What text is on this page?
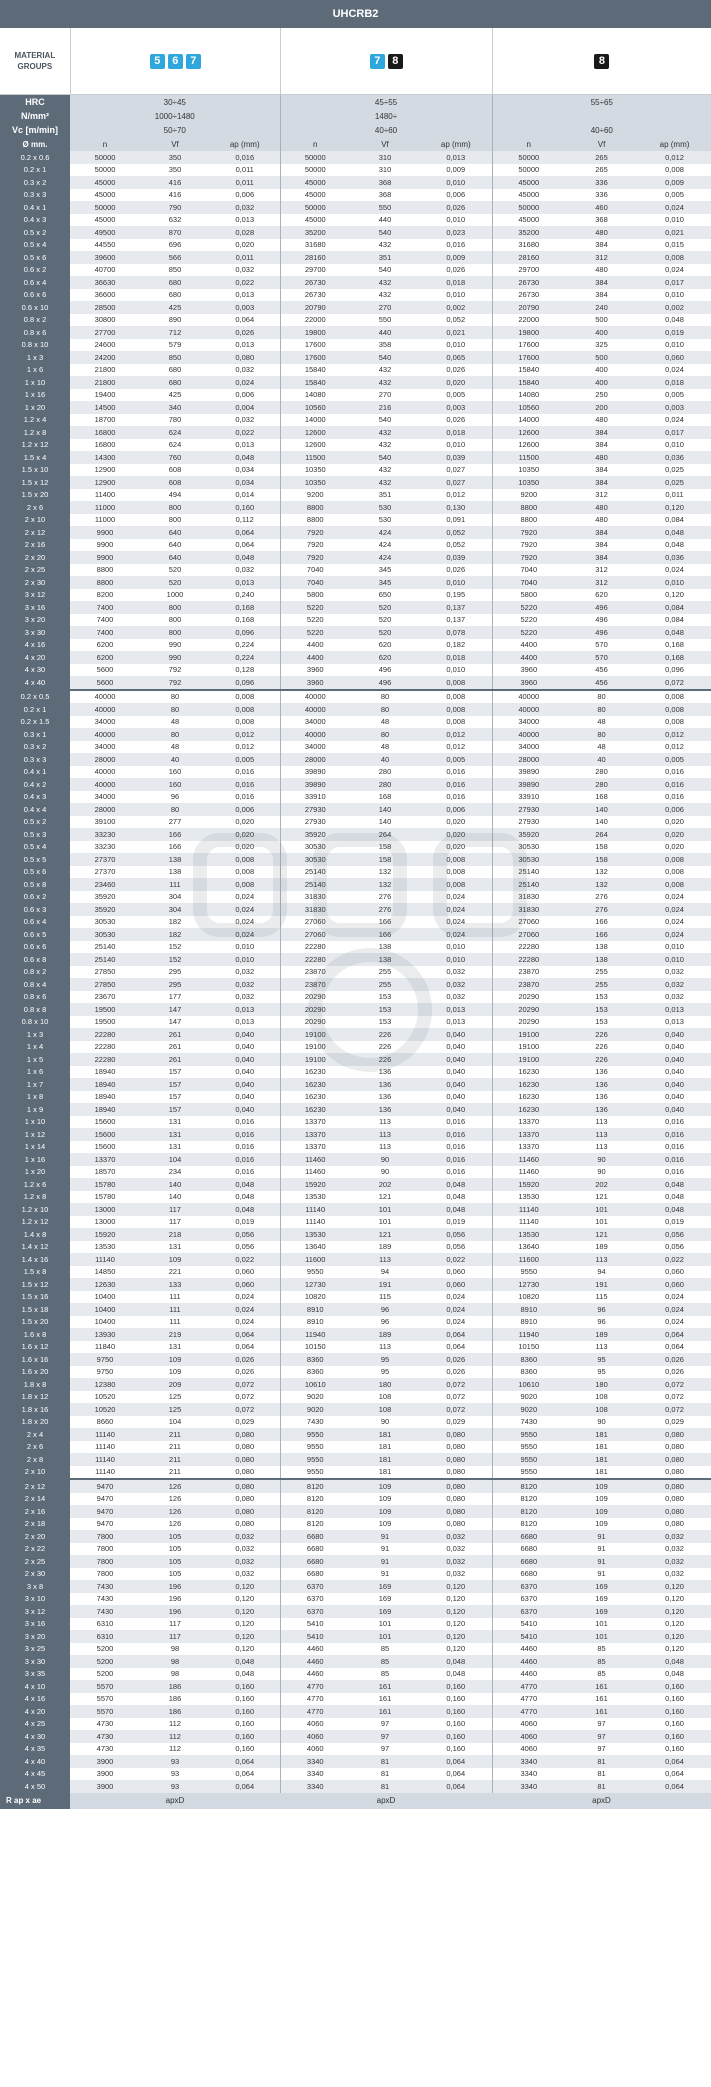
UHCRB2
MATERIAL GROUPS	5	6	7	7	8	8
HRC	30÷45			45÷55			55÷65		
N/mm²	1000÷1480			1480÷					
Vc [m/min]	50÷70			40÷60			40÷60		
Ø mm.	n	Vf	ap (mm)	n	Vf	ap (mm)	n	Vf	ap (mm)
0.2 x 0.6	50000	350	0,016	50000	310	0,013	50000	265	0,012
0.2 x 1	50000	350	0,011	50000	310	0,009	50000	265	0,008
0.3 x 2	45000	416	0,011	45000	368	0,010	45000	336	0,009
0.3 x 3	45000	416	0,006	45000	368	0,006	45000	336	0,005
0.4 x 1	50000	790	0,032	50000	550	0,026	50000	460	0,024
0.4 x 3	45000	632	0,013	45000	440	0,010	45000	368	0,010
0.5 x 2	49500	870	0,028	35200	540	0,023	35200	480	0,021
0.5 x 4	44550	696	0,020	31680	432	0,016	31680	384	0,015
0.5 x 6	39600	566	0,011	28160	351	0,009	28160	312	0,008
0.6 x 2	40700	850	0,032	29700	540	0,026	29700	480	0,024
0.6 x 4	36630	680	0,022	26730	432	0,018	26730	384	0,017
0.6 x 6	36600	680	0,013	26730	432	0,010	26730	384	0,010
0.6 x 10	28500	425	0,003	20790	270	0,002	20790	240	0,002
0.8 x 2	30800	890	0,064	22000	550	0,052	22000	500	0,048
0.8 x 6	27700	712	0,026	19800	440	0,021	19800	400	0,019
0.8 x 10	24600	579	0,013	17600	358	0,010	17600	325	0,010
1 x 3	24200	850	0,080	17600	540	0,065	17600	500	0,060
1 x 6	21800	680	0,032	15840	432	0,026	15840	400	0,024
1 x 10	21800	680	0,024	15840	432	0,020	15840	400	0,018
1 x 16	19400	425	0,006	14080	270	0,005	14080	250	0,005
1 x 20	14500	340	0,004	10560	216	0,003	10560	200	0,003
1.2 x 4	18700	780	0,032	14000	540	0,026	14000	480	0,024
1.2 x 8	16800	624	0,022	12600	432	0,018	12600	384	0,017
1.2 x 12	16800	624	0,013	12600	432	0,010	12600	384	0,010
1.5 x 4	14300	760	0,048	11500	540	0,039	11500	480	0,036
1.5 x 10	12900	608	0,034	10350	432	0,027	10350	384	0,025
1.5 x 12	12900	608	0,034	10350	432	0,027	10350	384	0,025
1.5 x 20	11400	494	0,014	9200	351	0,012	9200	312	0,011
2 x 6	11000	800	0,160	8800	530	0,130	8800	480	0,120
2 x 10	11000	800	0,112	8800	530	0,091	8800	480	0,084
2 x 12	9900	640	0,064	7920	424	0,052	7920	384	0,048
2 x 16	9900	640	0,064	7920	424	0,052	7920	384	0,048
2 x 20	9900	640	0,048	7920	424	0,039	7920	384	0,036
2 x 25	8800	520	0,032	7040	345	0,026	7040	312	0,024
2 x 30	8800	520	0,013	7040	345	0,010	7040	312	0,010
3 x 12	8200	1000	0,240	5800	650	0,195	5800	620	0,120
3 x 16	7400	800	0,168	5220	520	0,137	5220	496	0,084
3 x 20	7400	800	0,168	5220	520	0,137	5220	496	0,084
3 x 30	7400	800	0,096	5220	520	0,078	5220	496	0,048
4 x 16	6200	990	0,224	4400	620	0,182	4400	570	0,168
4 x 20	6200	990	0,224	4400	620	0,018	4400	570	0,168
4 x 30	5600	792	0,128	3960	496	0,010	3960	456	0,096
4 x 40	5600	792	0,096	3960	496	0,008	3960	456	0,072
0.2 x 0.5	40000	80	0,008	40000	80	0,008	40000	80	0,008
0.2 x 1	40000	80	0,008	40000	80	0,008	40000	80	0,008
0.2 x 1.5	34000	48	0,008	34000	48	0,008	34000	48	0,008
0.3 x 1	40000	80	0,012	40000	80	0,012	40000	80	0,012
0.3 x 2	34000	48	0,012	34000	48	0,012	34000	48	0,012
0.3 x 3	28000	40	0,005	28000	40	0,005	28000	40	0,005
0.4 x 1	40000	160	0,016	39890	280	0,016	39890	280	0,016
0.4 x 2	40000	160	0,016	39890	280	0,016	39890	280	0,016
0.4 x 3	34000	96	0,016	33910	168	0,016	33910	168	0,016
0.4 x 4	28000	80	0,006	27930	140	0,006	27930	140	0,006
0.5 x 2	39100	277	0,020	27930	140	0,020	27930	140	0,020
0.5 x 3	33230	166	0,020	35920	264	0,020	35920	264	0,020
0.5 x 4	33230	166	0,020	30530	158	0,020	30530	158	0,020
0.5 x 5	27370	138	0,008	30530	158	0,008	30530	158	0,008
0.5 x 6	27370	138	0,008	25140	132	0,008	25140	132	0,008
0.5 x 8	23460	111	0,008	25140	132	0,008	25140	132	0,008
0.6 x 2	35920	304	0,024	31830	276	0,024	31830	276	0,024
0.6 x 3	35920	304	0,024	31830	276	0,024	31830	276	0,024
0.6 x 4	30530	182	0,024	27060	166	0,024	27060	166	0,024
0.6 x 5	30530	182	0,024	27060	166	0,024	27060	166	0,024
0.6 x 6	25140	152	0,010	22280	138	0,010	22280	138	0,010
0.6 x 8	25140	152	0,010	22280	138	0,010	22280	138	0,010
0.8 x 2	27850	295	0,032	23870	255	0,032	23870	255	0,032
0.8 x 4	27850	295	0,032	23870	255	0,032	23870	255	0,032
0.8 x 6	23670	177	0,032	20290	153	0,032	20290	153	0,032
0.8 x 8	19500	147	0,013	20290	153	0,013	20290	153	0,013
0.8 x 10	19500	147	0,013	20290	153	0,013	20290	153	0,013
1 x 3	22280	261	0,040	19100	226	0,040	19100	226	0,040
1 x 4	22280	261	0,040	19100	226	0,040	19100	226	0,040
1 x 5	22280	261	0,040	19100	226	0,040	19100	226	0,040
1 x 6	18940	157	0,040	16230	136	0,040	16230	136	0,040
1 x 7	18940	157	0,040	16230	136	0,040	16230	136	0,040
1 x 8	18940	157	0,040	16230	136	0,040	16230	136	0,040
1 x 9	18940	157	0,040	16230	136	0,040	16230	136	0,040
1 x 10	15600	131	0,016	13370	113	0,016	13370	113	0,016
1 x 12	15600	131	0,016	13370	113	0,016	13370	113	0,016
1 x 14	15600	131	0,016	13370	113	0,016	13370	113	0,016
1 x 16	13370	104	0,016	11460	90	0,016	11460	90	0,016
1 x 20	18570	234	0,016	11460	90	0,016	11460	90	0,016
1.2 x 6	15780	140	0,048	15920	202	0,048	15920	202	0,048
1.2 x 8	15780	140	0,048	13530	121	0,048	13530	121	0,048
1.2 x 10	13000	117	0,048	11140	101	0,048	11140	101	0,048
1.2 x 12	13000	117	0,019	11140	101	0,019	11140	101	0,019
1.4 x 8	15920	218	0,056	13530	121	0,056	13530	121	0,056
1.4 x 12	13530	131	0,056	13640	189	0,056	13640	189	0,056
1.4 x 16	11140	109	0,022	11600	113	0,022	11600	113	0,022
1.5 x 8	14850	221	0,060	9550	94	0,060	9550	94	0,060
1.5 x 12	12630	133	0,060	12730	191	0,060	12730	191	0,060
1.5 x 16	10400	111	0,024	10820	115	0,024	10820	115	0,024
1.5 x 18	10400	111	0,024	8910	96	0,024	8910	96	0,024
1.5 x 20	10400	111	0,024	8910	96	0,024	8910	96	0,024
1.6 x 8	13930	219	0,064	11940	189	0,064	11940	189	0,064
1.6 x 12	11840	131	0,064	10150	113	0,064	10150	113	0,064
1.6 x 16	9750	109	0,026	8360	95	0,026	8360	95	0,026
1.6 x 20	9750	109	0,026	8360	95	0,026	8360	95	0,026
1.8 x 8	12380	209	0,072	10610	180	0,072	10610	180	0,072
1.8 x 12	10520	125	0,072	9020	108	0,072	9020	108	0,072
1.8 x 16	10520	125	0,072	9020	108	0,072	9020	108	0,072
1.8 x 20	8660	104	0,029	7430	90	0,029	7430	90	0,029
2 x 4	11140	211	0,080	9550	181	0,080	9550	181	0,080
2 x 6	11140	211	0,080	9550	181	0,080	9550	181	0,080
2 x 8	11140	211	0,080	9550	181	0,080	9550	181	0,080
2 x 10	11140	211	0,080	9550	181	0,080	9550	181	0,080
2 x 12	9470	126	0,080	8120	109	0,080	8120	109	0,080
2 x 14	9470	126	0,080	8120	109	0,080	8120	109	0,080
2 x 16	9470	126	0,080	8120	109	0,080	8120	109	0,080
2 x 18	9470	126	0,080	8120	109	0,080	8120	109	0,080
2 x 20	7800	105	0,032	6680	91	0,032	6680	91	0,032
2 x 22	7800	105	0,032	6680	91	0,032	6680	91	0,032
2 x 25	7800	105	0,032	6680	91	0,032	6680	91	0,032
2 x 30	7800	105	0,032	6680	91	0,032	6680	91	0,032
3 x 8	7430	196	0,120	6370	169	0,120	6370	169	0,120
3 x 10	7430	196	0,120	6370	169	0,120	6370	169	0,120
3 x 12	7430	196	0,120	6370	169	0,120	6370	169	0,120
3 x 16	6310	117	0,120	5410	101	0,120	5410	101	0,120
3 x 20	6310	117	0,120	5410	101	0,120	5410	101	0,120
3 x 25	5200	98	0,120	4460	85	0,120	4460	85	0,120
3 x 30	5200	98	0,048	4460	85	0,048	4460	85	0,048
3 x 35	5200	98	0,048	4460	85	0,048	4460	85	0,048
4 x 10	5570	186	0,160	4770	161	0,160	4770	161	0,160
4 x 16	5570	186	0,160	4770	161	0,160	4770	161	0,160
4 x 20	5570	186	0,160	4770	161	0,160	4770	161	0,160
4 x 25	4730	112	0,160	4060	97	0,160	4060	97	0,160
4 x 30	4730	112	0,160	4060	97	0,160	4060	97	0,160
4 x 35	4730	112	0,160	4060	97	0,160	4060	97	0,160
4 x 40	3900	93	0,064	3340	81	0,064	3340	81	0,064
4 x 45	3900	93	0,064	3340	81	0,064	3340	81	0,064
4 x 50	3900	93	0,064	3340	81	0,064	3340	81	0,064
R ap x ae	apxD	apxD	apxD
